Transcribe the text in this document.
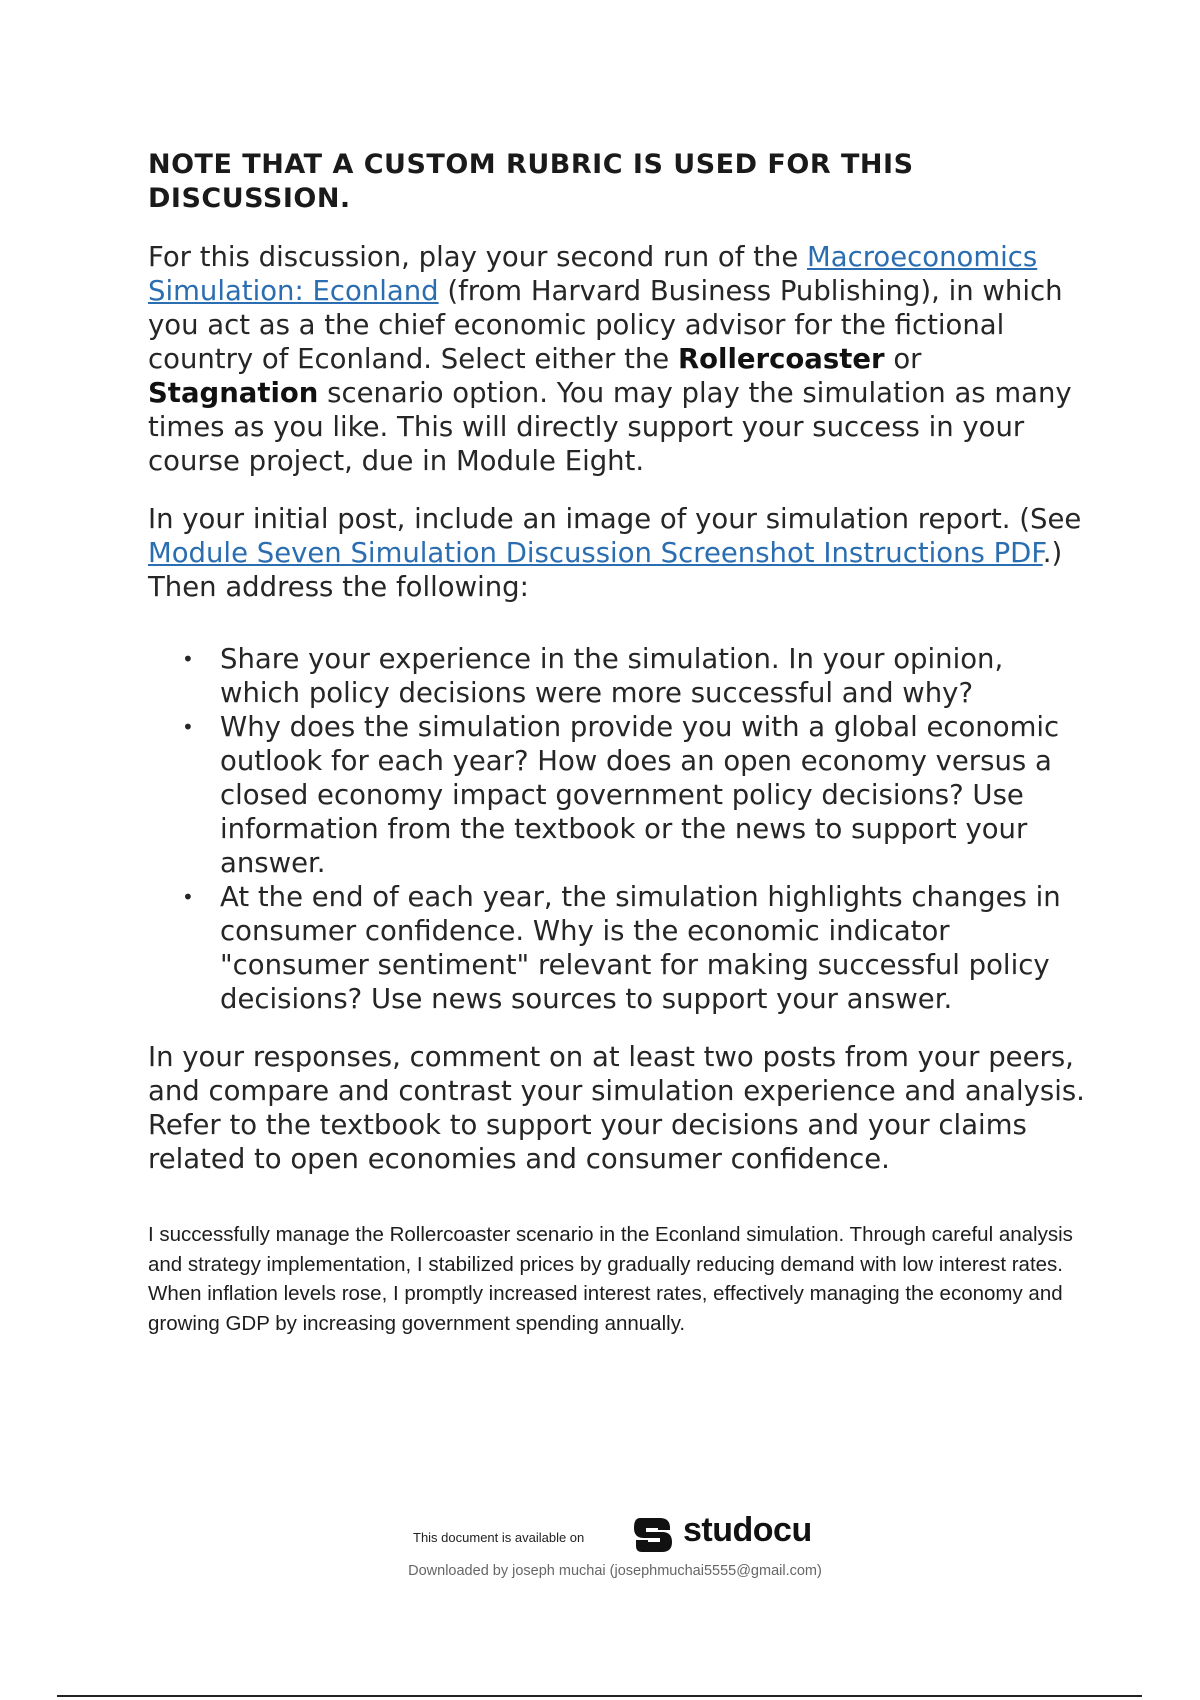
NOTE THAT A CUSTOM RUBRIC IS USED FOR THIS DISCUSSION.

For this discussion, play your second run of the Macroeconomics Simulation: Econland (from Harvard Business Publishing), in which you act as a the chief economic policy advisor for the fictional country of Econland. Select either the Rollercoaster or Stagnation scenario option. You may play the simulation as many times as you like. This will directly support your success in your course project, due in Module Eight.

In your initial post, include an image of your simulation report. (See Module Seven Simulation Discussion Screenshot Instructions PDF.) Then address the following:

• Share your experience in the simulation. In your opinion, which policy decisions were more successful and why?
• Why does the simulation provide you with a global economic outlook for each year? How does an open economy versus a closed economy impact government policy decisions? Use information from the textbook or the news to support your answer.
• At the end of each year, the simulation highlights changes in consumer confidence. Why is the economic indicator "consumer sentiment" relevant for making successful policy decisions? Use news sources to support your answer.

In your responses, comment on at least two posts from your peers, and compare and contrast your simulation experience and analysis. Refer to the textbook to support your decisions and your claims related to open economies and consumer confidence.

I successfully manage the Rollercoaster scenario in the Econland simulation. Through careful analysis and strategy implementation, I stabilized prices by gradually reducing demand with low interest rates. When inflation levels rose, I promptly increased interest rates, effectively managing the economy and growing GDP by increasing government spending annually.

This document is available on	studocu
Downloaded by joseph muchai (josephmuchai5555@gmail.com)
